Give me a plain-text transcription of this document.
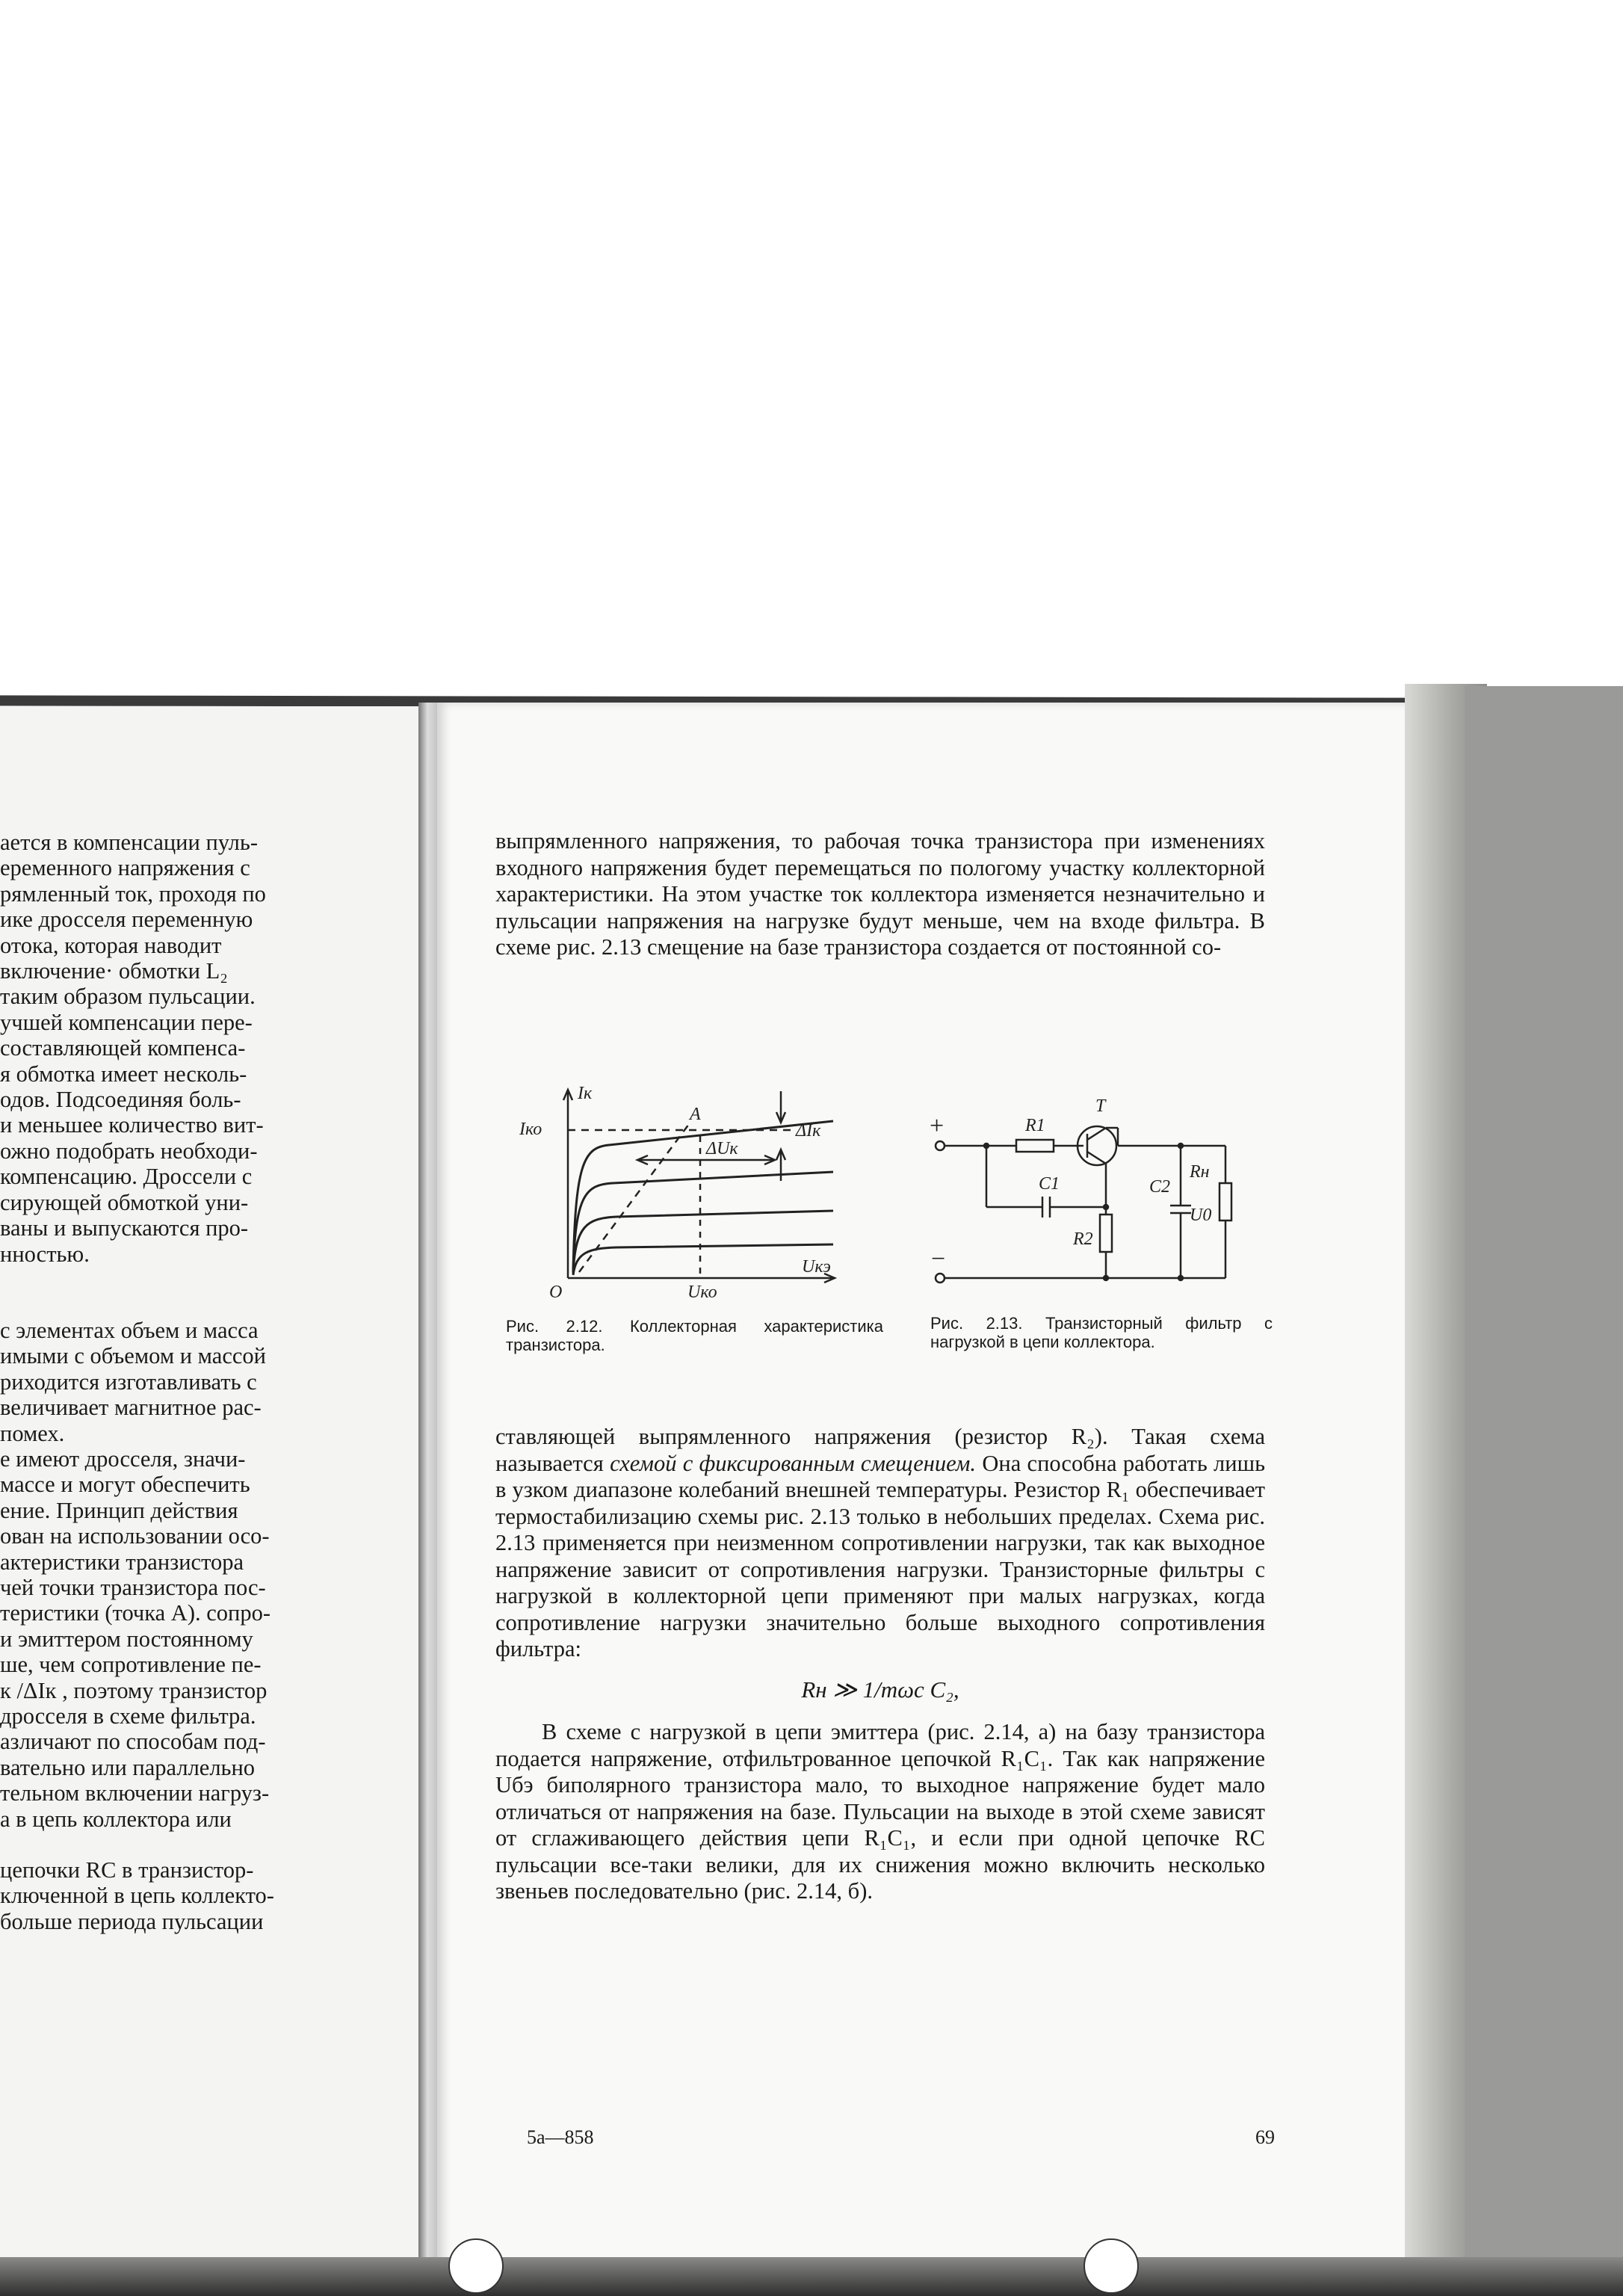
ается в компенсации пуль-

еременного напряжения с

рямленный ток, проходя по

ике дросселя переменную

отока, которая наводит

включение· обмотки L₂

таким образом пульсации.

учшей компенсации пере-

составляющей компенса-

я обмотка имеет несколь-

одов. Подсоединяя боль-

и меньшее количество вит-

ожно подобрать необходи-

компенсацию. Дроссели с

сирующей обмоткой уни-

ваны и выпускаются про-

нностью.

с элементах объем и масса

имыми с объемом и массой

риходится изготавливать с

величивает магнитное рас-

помех.

е имеют дросселя, значи-

массе и могут обеспечить

ение. Принцип действия

ован на использовании осо-

актеристики транзистора

чей точки транзистора пос-

теристики (точка A). сопро-

и эмиттером постоянному

ше, чем сопротивление пе-

к /ΔIк , поэтому транзистор

дросселя в схеме фильтра.

азличают по способам под-

вательно или параллельно

тельном включении нагруз-

а в цепь коллектора или

цепочки RC в транзистор-

ключенной в цепь коллекто-

больше периода пульсации

выпрямленного напряжения, то рабочая точка транзистора при изменениях входного напряжения будет перемещаться по пологому участку коллекторной характеристики. На этом участке ток коллектора изменяется незначительно и пульсации напряжения на нагрузке будут меньше, чем на входе фильтра. В схеме рис. 2.13 смещение на базе транзистора создается от постоянной со-

Iк
Iко
A
ΔIк
ΔUк
Uкэ
Uко
O
Рис. 2.12. Коллекторная характеристика транзистора.
+
−
R1
T
C1
R2
C2
Rн
U0
Рис. 2.13. Транзисторный фильтр с нагрузкой в цепи коллектора.

ставляющей выпрямленного напряжения (резистор R₂). Такая схема называется схемой с фиксированным смещением. Она способна работать лишь в узком диапазоне колебаний внешней температуры. Резистор R₁ обеспечивает термостабилизацию схемы рис. 2.13 только в небольших пределах. Схема рис. 2.13 применяется при неизменном сопротивлении нагрузки, так как выходное напряжение зависит от сопротивления нагрузки. Транзисторные фильтры с нагрузкой в коллекторной цепи применяют при малых нагрузках, когда сопротивление нагрузки значительно больше выходного сопротивления фильтра:

Rн ≫ 1/mωс C₂,

В схеме с нагрузкой в цепи эмиттера (рис. 2.14, a) на базу транзистора подается напряжение, отфильтрованное цепочкой R₁C₁. Так как напряжение Uбэ биполярного транзистора мало, то выходное напряжение будет мало отличаться от напряжения на базе. Пульсации на выходе в этой схеме зависят от сглаживающего действия цепи R₁C₁, и если при одной цепочке RC пульсации все-таки велики, для их снижения можно включить несколько звеньев последовательно (рис. 2.14, б).

5а—858	69
